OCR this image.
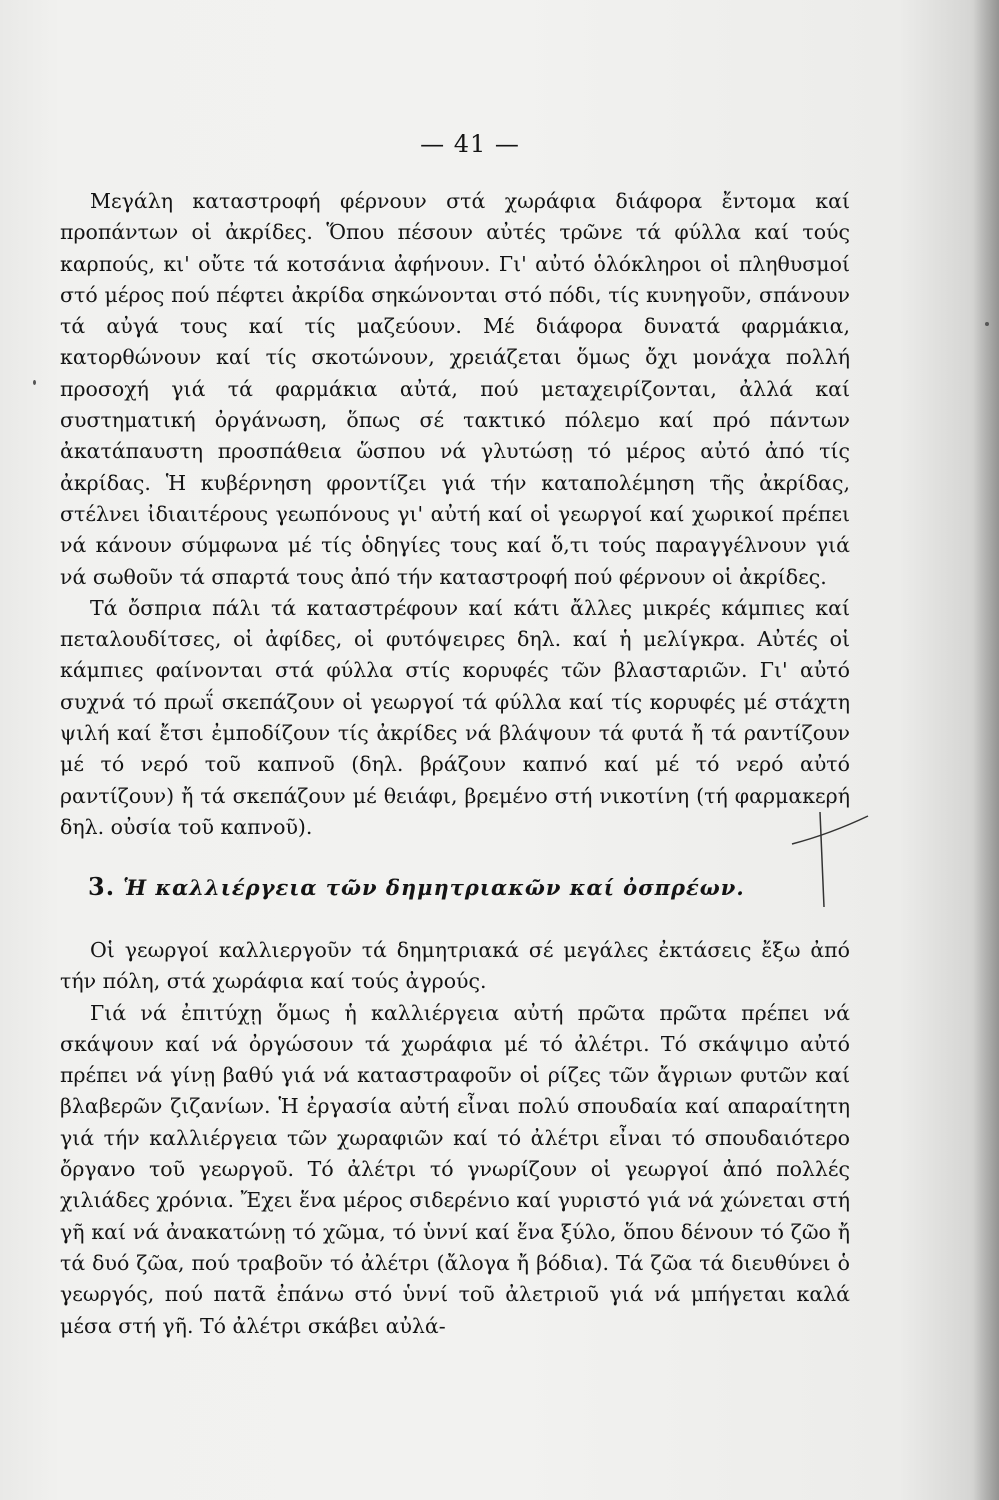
— 41 —

Μεγάλη καταστροφή φέρνουν στά χωράφια διάφορα ἔντομα καί προπάντων οἱ ἀκρίδες. Ὅπου πέσουν αὐτές τρῶνε τά φύλλα καί τούς καρπούς, κι' οὔτε τά κοτσάνια ἀφήνουν. Γι' αὐτό ὁλόκληροι οἱ πληθυσμοί στό μέρος πού πέφτει ἀκρίδα σηκώνονται στό πόδι, τίς κυνηγοῦν, σπάνουν τά αὐγά τους καί τίς μαζεύουν. Μέ διάφορα δυνατά φαρμάκια, κατορθώνουν καί τίς σκοτώνουν, χρειάζεται ὅμως ὄχι μονάχα πολλή προσοχή γιά τά φαρμάκια αὐτά, πού μεταχειρίζονται, ἀλλά καί συστηματική ὀργάνωση, ὅπως σέ τακτικό πόλεμο καί πρό πάντων ἀκατάπαυστη προσπάθεια ὥσπου νά γλυτώσῃ τό μέρος αὐτό ἀπό τίς ἀκρίδας. Ἡ κυβέρνηση φροντίζει γιά τήν καταπολέμηση τῆς ἀκρίδας, στέλνει ἰδιαιτέρους γεωπόνους γι' αὐτή καί οἱ γεωργοί καί χωρικοί πρέπει νά κάνουν σύμφωνα μέ τίς ὁδηγίες τους καί ὅ,τι τούς παραγγέλνουν γιά νά σωθοῦν τά σπαρτά τους ἀπό τήν καταστροφή πού φέρνουν οἱ ἀκρίδες.

Τά ὄσπρια πάλι τά καταστρέφουν καί κάτι ἄλλες μικρές κάμπιες καί πεταλουδίτσες, οἱ ἀφίδες, οἱ φυτόψειρες δηλ. καί ἡ μελίγκρα. Αὐτές οἱ κάμπιες φαίνονται στά φύλλα στίς κορυφές τῶν βλασταριῶν. Γι' αὐτό συχνά τό πρωΐ σκεπάζουν οἱ γεωργοί τά φύλλα καί τίς κορυφές μέ στάχτη ψιλή καί ἔτσι ἐμποδίζουν τίς ἀκρίδες νά βλάψουν τά φυτά ἤ τά ραντίζουν μέ τό νερό τοῦ καπνοῦ (δηλ. βράζουν καπνό καί μέ τό νερό αὐτό ραντίζουν) ἤ τά σκεπάζουν μέ θειάφι, βρεμένο στή νικοτίνη (τή φαρμακερή δηλ. οὐσία τοῦ καπνοῦ).

3. Ἡ καλλιέργεια τῶν δημητριακῶν καί ὀσπρέων.

Οἱ γεωργοί καλλιεργοῦν τά δημητριακά σέ μεγάλες ἐκτάσεις ἔξω ἀπό τήν πόλη, στά χωράφια καί τούς ἀγρούς.

Γιά νά ἐπιτύχῃ ὅμως ἡ καλλιέργεια αὐτή πρῶτα πρῶτα πρέπει νά σκάψουν καί νά ὀργώσουν τά χωράφια μέ τό ἀλέτρι. Τό σκάψιμο αὐτό πρέπει νά γίνῃ βαθύ γιά νά καταστραφοῦν οἱ ρίζες τῶν ἄγριων φυτῶν καί βλαβερῶν ζιζανίων. Ἡ ἐργασία αὐτή εἶναι πολύ σπουδαία καί απαραίτητη γιά τήν καλλιέργεια τῶν χωραφιῶν καί τό ἀλέτρι εἶναι τό σπουδαιότερο ὄργανο τοῦ γεωργοῦ. Τό ἀλέτρι τό γνωρίζουν οἱ γεωργοί ἀπό πολλές χιλιάδες χρόνια. Ἔχει ἕνα μέρος σιδερένιο καί γυριστό γιά νά χώνεται στή γῆ καί νά ἀνακατώνῃ τό χῶμα, τό ὑννί καί ἕνα ξύλο, ὅπου δένουν τό ζῶο ἤ τά δυό ζῶα, πού τραβοῦν τό ἀλέτρι (ἄλογα ἤ βόδια). Τά ζῶα τά διευθύνει ὁ γεωργός, πού πατᾶ ἐπάνω στό ὑννί τοῦ ἀλετριοῦ γιά νά μπήγεται καλά μέσα στή γῆ. Τό ἀλέτρι σκάβει αὐλά-
